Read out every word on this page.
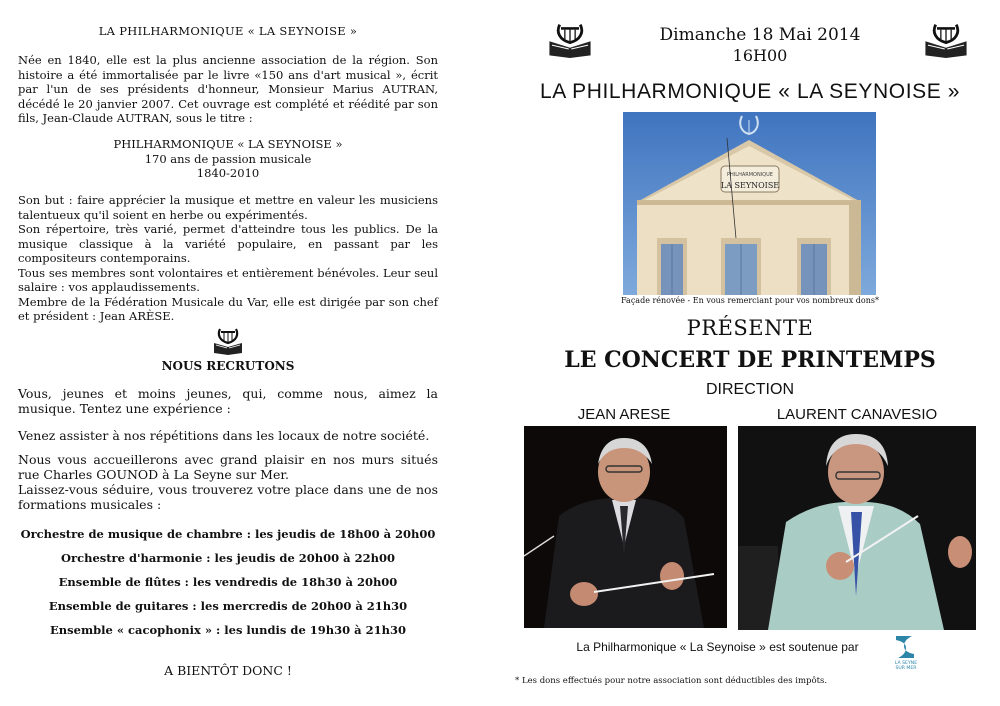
LA PHILHARMONIQUE « LA SEYNOISE »
Née en 1840, elle est la plus ancienne association de la région. Son histoire a été immortalisée par le livre «150 ans d'art musical », écrit par l'un de ses présidents d'honneur, Monsieur Marius AUTRAN, décédé le 20 janvier 2007. Cet ouvrage est complété et réédité par son fils, Jean-Claude AUTRAN, sous le titre :
PHILHARMONIQUE « LA SEYNOISE »
170 ans de passion musicale
1840-2010
Son but : faire apprécier la musique et mettre en valeur les musiciens talentueux qu'il soient en herbe ou expérimentés.
Son répertoire, très varié, permet d'atteindre tous les publics. De la musique classique à la variété populaire, en passant par les compositeurs contemporains.
Tous ses membres sont volontaires et entièrement bénévoles. Leur seul salaire : vos applaudissements.
Membre de la Fédération Musicale du Var, elle est dirigée par son chef et président : Jean ARÈSE.
NOUS RECRUTONS
Vous, jeunes et moins jeunes, qui, comme nous, aimez la musique. Tentez une expérience :
Venez assister à nos répétitions dans les locaux de notre société.
Nous vous accueillerons avec grand plaisir en nos murs situés rue Charles GOUNOD à La Seyne sur Mer.
Laissez-vous séduire, vous trouverez votre place dans une de nos formations musicales :
Orchestre de musique de chambre : les jeudis de 18h00 à 20h00
Orchestre d'harmonie : les jeudis de 20h00 à 22h00
Ensemble de flûtes : les vendredis de 18h30 à 20h00
Ensemble de guitares : les mercredis de 20h00 à 21h30
Ensemble « cacophonix » : les lundis de 19h30 à 21h30
A BIENTÔT DONC !
Dimanche 18 Mai 2014
16H00
LA PHILHARMONIQUE « LA SEYNOISE »
PHILHARMONIQUE
LA SEYNOISE
Façade rénovée - En vous remerciant pour vos nombreux dons*
PRÉSENTE
LE CONCERT DE PRINTEMPS
DIRECTION
JEAN ARESE	LAURENT CANAVESIO
La Philharmonique « La Seynoise » est soutenue par
LA SEYNE
SUR MER
* Les dons effectués pour notre association sont déductibles des impôts.
